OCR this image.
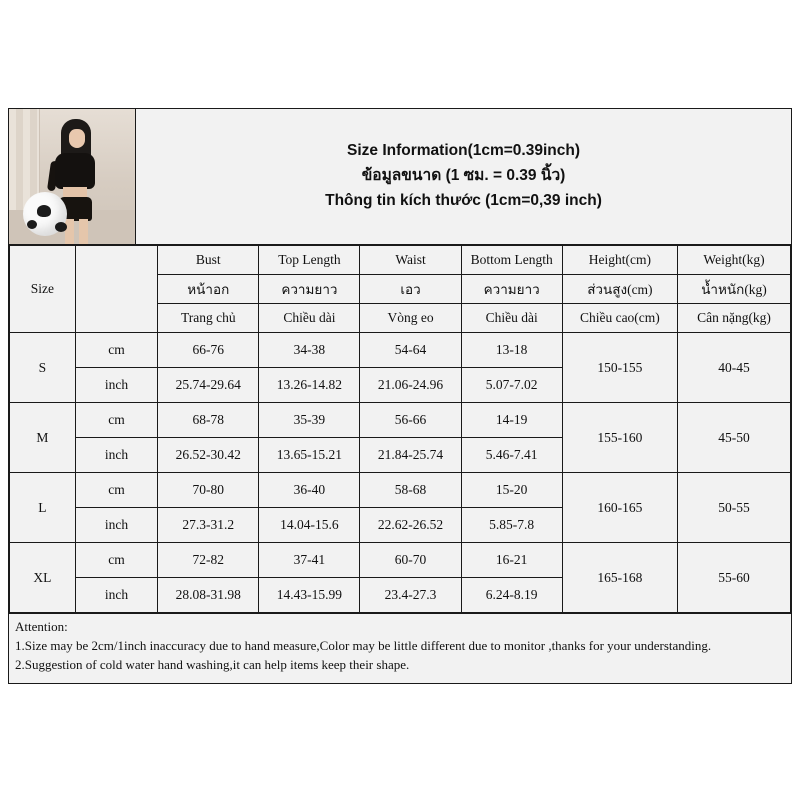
Size Information(1cm=0.39inch)
ข้อมูลขนาด (1 ซม. = 0.39 นิ้ว)
Thông tin kích thước (1cm=0,39 inch)
Size		Bust	Top Length	Waist	Bottom Length	Height(cm)	Weight(kg)
		หน้าอก	ความยาว	เอว	ความยาว	ส่วนสูง(cm)	น้ำหนัก(kg)
		Trang chủ	Chiều dài	Vòng eo	Chiều dài	Chiều cao(cm)	Cân nặng(kg)
S	cm	66-76	34-38	54-64	13-18	150-155	40-45
	inch	25.74-29.64	13.26-14.82	21.06-24.96	5.07-7.02		
M	cm	68-78	35-39	56-66	14-19	155-160	45-50
	inch	26.52-30.42	13.65-15.21	21.84-25.74	5.46-7.41		
L	cm	70-80	36-40	58-68	15-20	160-165	50-55
	inch	27.3-31.2	14.04-15.6	22.62-26.52	5.85-7.8		
XL	cm	72-82	37-41	60-70	16-21	165-168	55-60
	inch	28.08-31.98	14.43-15.99	23.4-27.3	6.24-8.19		

Attention:

1.Size may be 2cm/1inch inaccuracy due to hand measure,Color may be little different due to monitor ,thanks for your understanding.

2.Suggestion of cold water hand washing,it can help items keep their shape.
